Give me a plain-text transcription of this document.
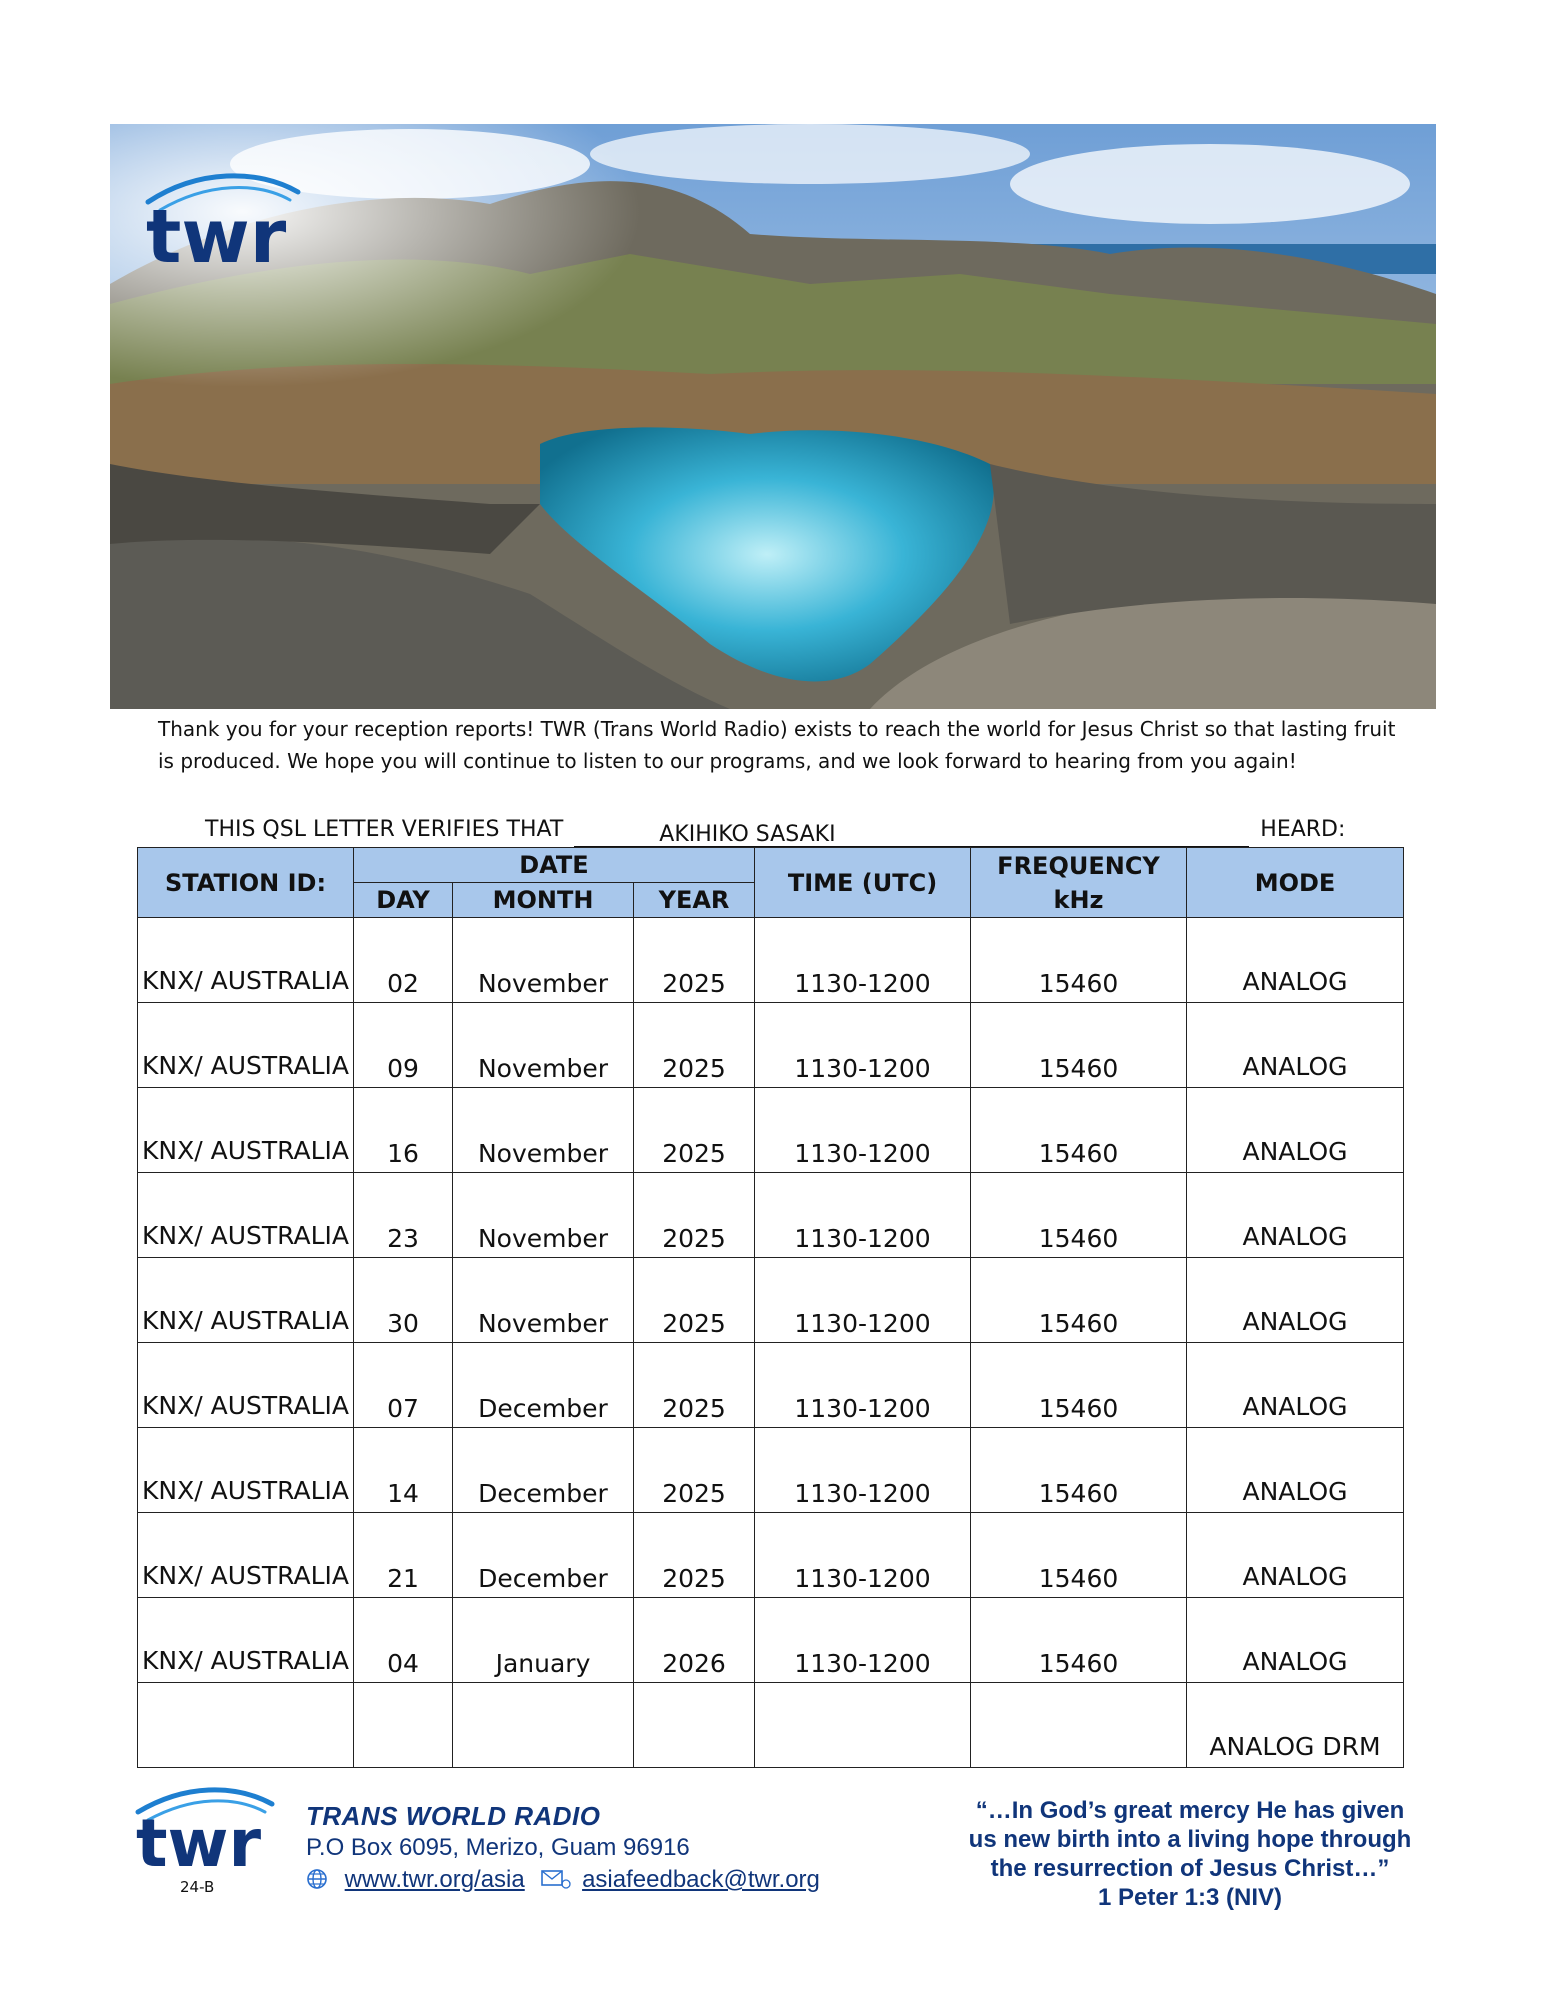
twr
Thank you for your reception reports! TWR (Trans World Radio) exists to reach the world for Jesus Christ so that lasting fruit is produced. We hope you will continue to listen to our programs, and we look forward to hearing from you again!
THIS QSL LETTER VERIFIES THAT	AKIHIKO SASAKI	HEARD:
STATION ID:	DATE			TIME (UTC)	FREQUENCY kHz	MODE
	DAY	MONTH	YEAR			
KNX/ AUSTRALIA	02	November	2025	1130-1200	15460	ANALOG
KNX/ AUSTRALIA	09	November	2025	1130-1200	15460	ANALOG
KNX/ AUSTRALIA	16	November	2025	1130-1200	15460	ANALOG
KNX/ AUSTRALIA	23	November	2025	1130-1200	15460	ANALOG
KNX/ AUSTRALIA	30	November	2025	1130-1200	15460	ANALOG
KNX/ AUSTRALIA	07	December	2025	1130-1200	15460	ANALOG
KNX/ AUSTRALIA	14	December	2025	1130-1200	15460	ANALOG
KNX/ AUSTRALIA	21	December	2025	1130-1200	15460	ANALOG
KNX/ AUSTRALIA	04	January	2026	1130-1200	15460	ANALOG
						ANALOG DRM
twr
24-B
TRANS WORLD RADIO
P.O Box 6095, Merizo, Guam 96916
www.twr.org/asia asiafeedback@twr.org
“…In God’s great mercy He has given
us new birth into a living hope through
the resurrection of Jesus Christ…”
1 Peter 1:3 (NIV)
